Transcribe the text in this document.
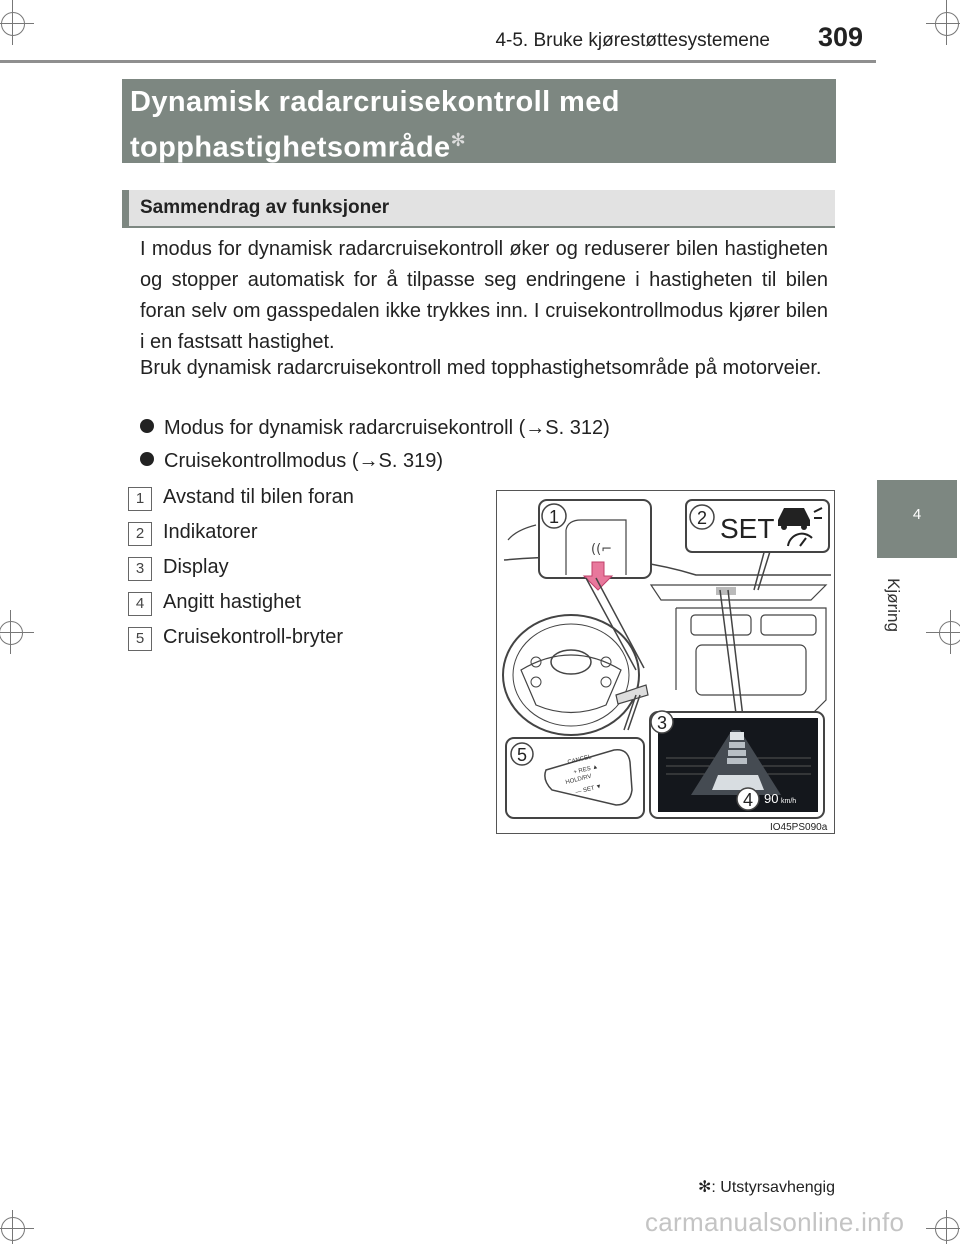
4-5. Bruke kjørestøttesystemene 309
4
Kjøring
Dynamisk radarcruisekontroll med
topphastighetsområde✻
Sammendrag av funksjoner
I modus for dynamisk radarcruisekontroll øker og reduserer bilen hastigheten og stopper automatisk for å tilpasse seg endringene i hastigheten til bilen foran selv om gasspedalen ikke trykkes inn. I cruisekontrollmodus kjører bilen i en fastsatt hastighet.
Bruk dynamisk radarcruisekontroll med topphastighetsområde på motorveier.
Modus for dynamisk radarcruisekontroll (→S. 312)
Cruisekontrollmodus (→S. 319)
1 Avstand til bilen foran
2 Indikatorer
3 Display
4 Angitt hastighet
5 Cruisekontroll-bryter
((⌐
1	2 SET
3
4 90 km/h
5	CANCEL
+ RES ▲
HOLD/RV
— SET ▼
IO45PS090a
✻: Utstyrsavhengig
carmanualsonline.info
